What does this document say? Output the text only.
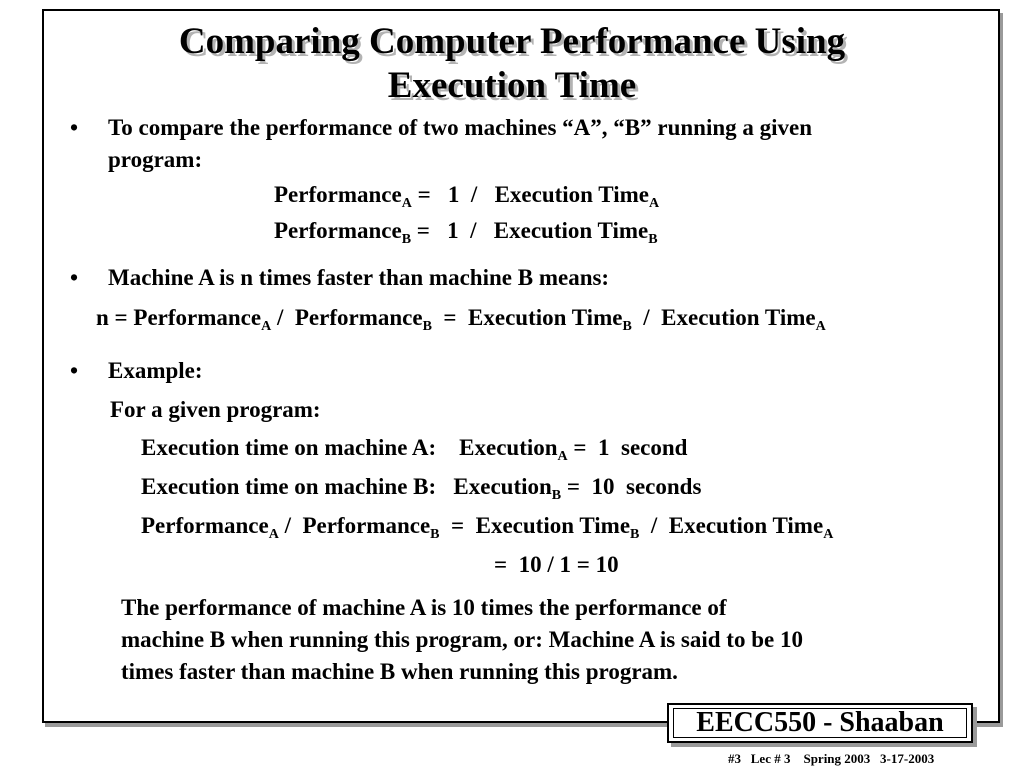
Comparing Computer Performance Using
Execution Time
• To compare the performance of two machines “A”, “B” running a given
program:
Performance$_A$ =   1  /   Execution Time$_A$
Performance$_B$ =   1  /   Execution Time$_B$
• Machine A is n times faster than machine B means:
n = Performance$_A$ /  Performance$_B$  =  Execution Time$_B$  /  Execution Time$_A$
• Example:
For a given program:
Execution time on machine A:    Execution$_A$ =  1  second
Execution time on machine B:   Execution$_B$ =  10  seconds
Performance$_A$ /  Performance$_B$  =  Execution Time$_B$  /  Execution Time$_A$
=  10 / 1 = 10
The performance of machine A is 10 times the performance of
machine B when running this program, or: Machine A is said to be 10
times faster than machine B when running this program.
EECC550 - Shaaban
#3   Lec # 3    Spring 2003   3-17-2003
